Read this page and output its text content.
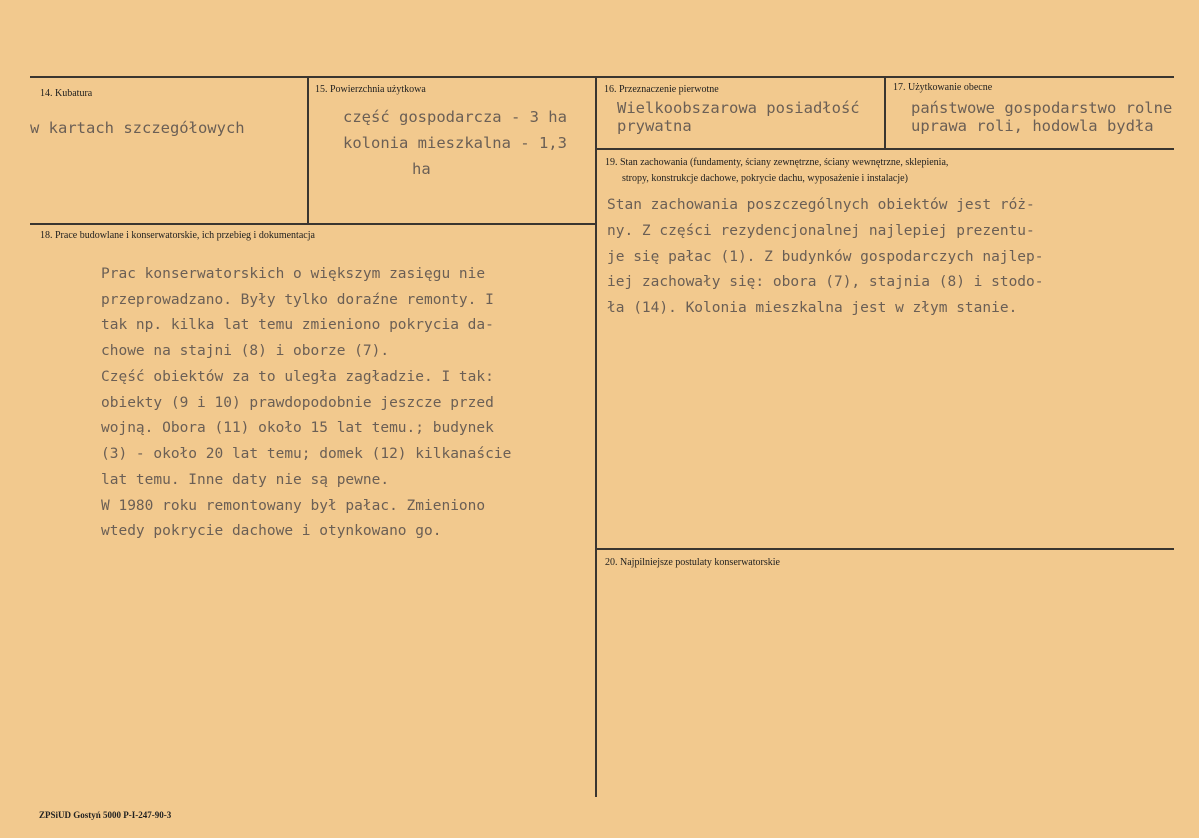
14. Kubatura
w kartach szczegółowych
15. Powierzchnia użytkowa
część gospodarcza - 3 ha
kolonia mieszkalna - 1,3
ha
16. Przeznaczenie pierwotne
Wielkoobszarowa posiadłość
prywatna
17. Użytkowanie obecne
państwowe gospodarstwo rolne
uprawa roli, hodowla bydła
18. Prace budowlane i konserwatorskie, ich przebieg i dokumentacja
Prac konserwatorskich o większym zasięgu nie
przeprowadzano. Były tylko doraźne remonty. I
tak np. kilka lat temu zmieniono pokrycia da-
chowe na stajni (8) i oborze (7).
Część obiektów za to uległa zagładzie. I tak:
obiekty (9 i 10) prawdopodobnie jeszcze przed
wojną. Obora (11) około 15 lat temu.; budynek
(3) - około 20 lat temu; domek (12) kilkanaście
lat temu. Inne daty nie są pewne.
W 1980 roku remontowany był pałac. Zmieniono
wtedy pokrycie dachowe i otynkowano go.
19. Stan zachowania (fundamenty, ściany zewnętrzne, ściany wewnętrzne, sklepienia,
stropy, konstrukcje dachowe, pokrycie dachu, wyposażenie i instalacje)
Stan zachowania poszczególnych obiektów jest róż-
ny. Z części rezydencjonalnej najlepiej prezentu-
je się pałac (1). Z budynków gospodarczych najlep-
iej zachowały się: obora (7), stajnia (8) i stodo-
ła (14). Kolonia mieszkalna jest w złym stanie.
20. Najpilniejsze postulaty konserwatorskie
ZPSiUD Gostyń 5000 P-I-247-90-3
